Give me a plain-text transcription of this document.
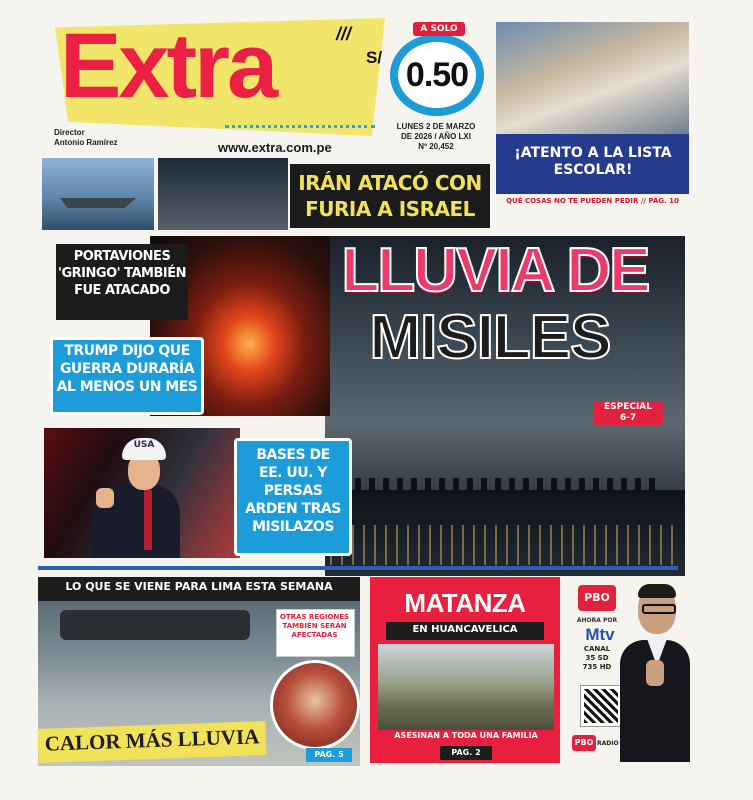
Extra	///
Director
Antonio Ramírez	www.extra.com.pe
S/ 0.50
A SOLO
LUNES 2 DE MARZO
DE 2026 / AÑO LXI
Nº 20,452	¡ATENTO A LA LISTA
ESCOLAR!
QUÉ COSAS NO TE PUEDEN PEDIR // PÁG. 10
IRÁN ATACÓ CON
FURIA A ISRAEL
PORTAVIONES
'GRINGO' TAMBIÉN
FUE ATACADO	LLUVIA DE
MISILES
TRUMP DIJO QUE
GUERRA DURARÍA
AL MENOS UN MES
ESPECIAL
6-7
USA
BASES DE
EE. UU. Y
PERSAS
ARDEN TRAS
MISILAZOS
LO QUE SE VIENE PARA LIMA ESTA SEMANA
OTRAS REGIONES
TAMBIÉN SERÁN
AFECTADAS
CALOR MÁS LLUVIA	PAG. 5
MATANZA
EN HUANCAVELICA
ASESINAN A TODA UNA FAMILIA
PAG. 2
PBO
AHORA POR
Mtv
CANAL
35 SD
735 HD
PBO RADIO
